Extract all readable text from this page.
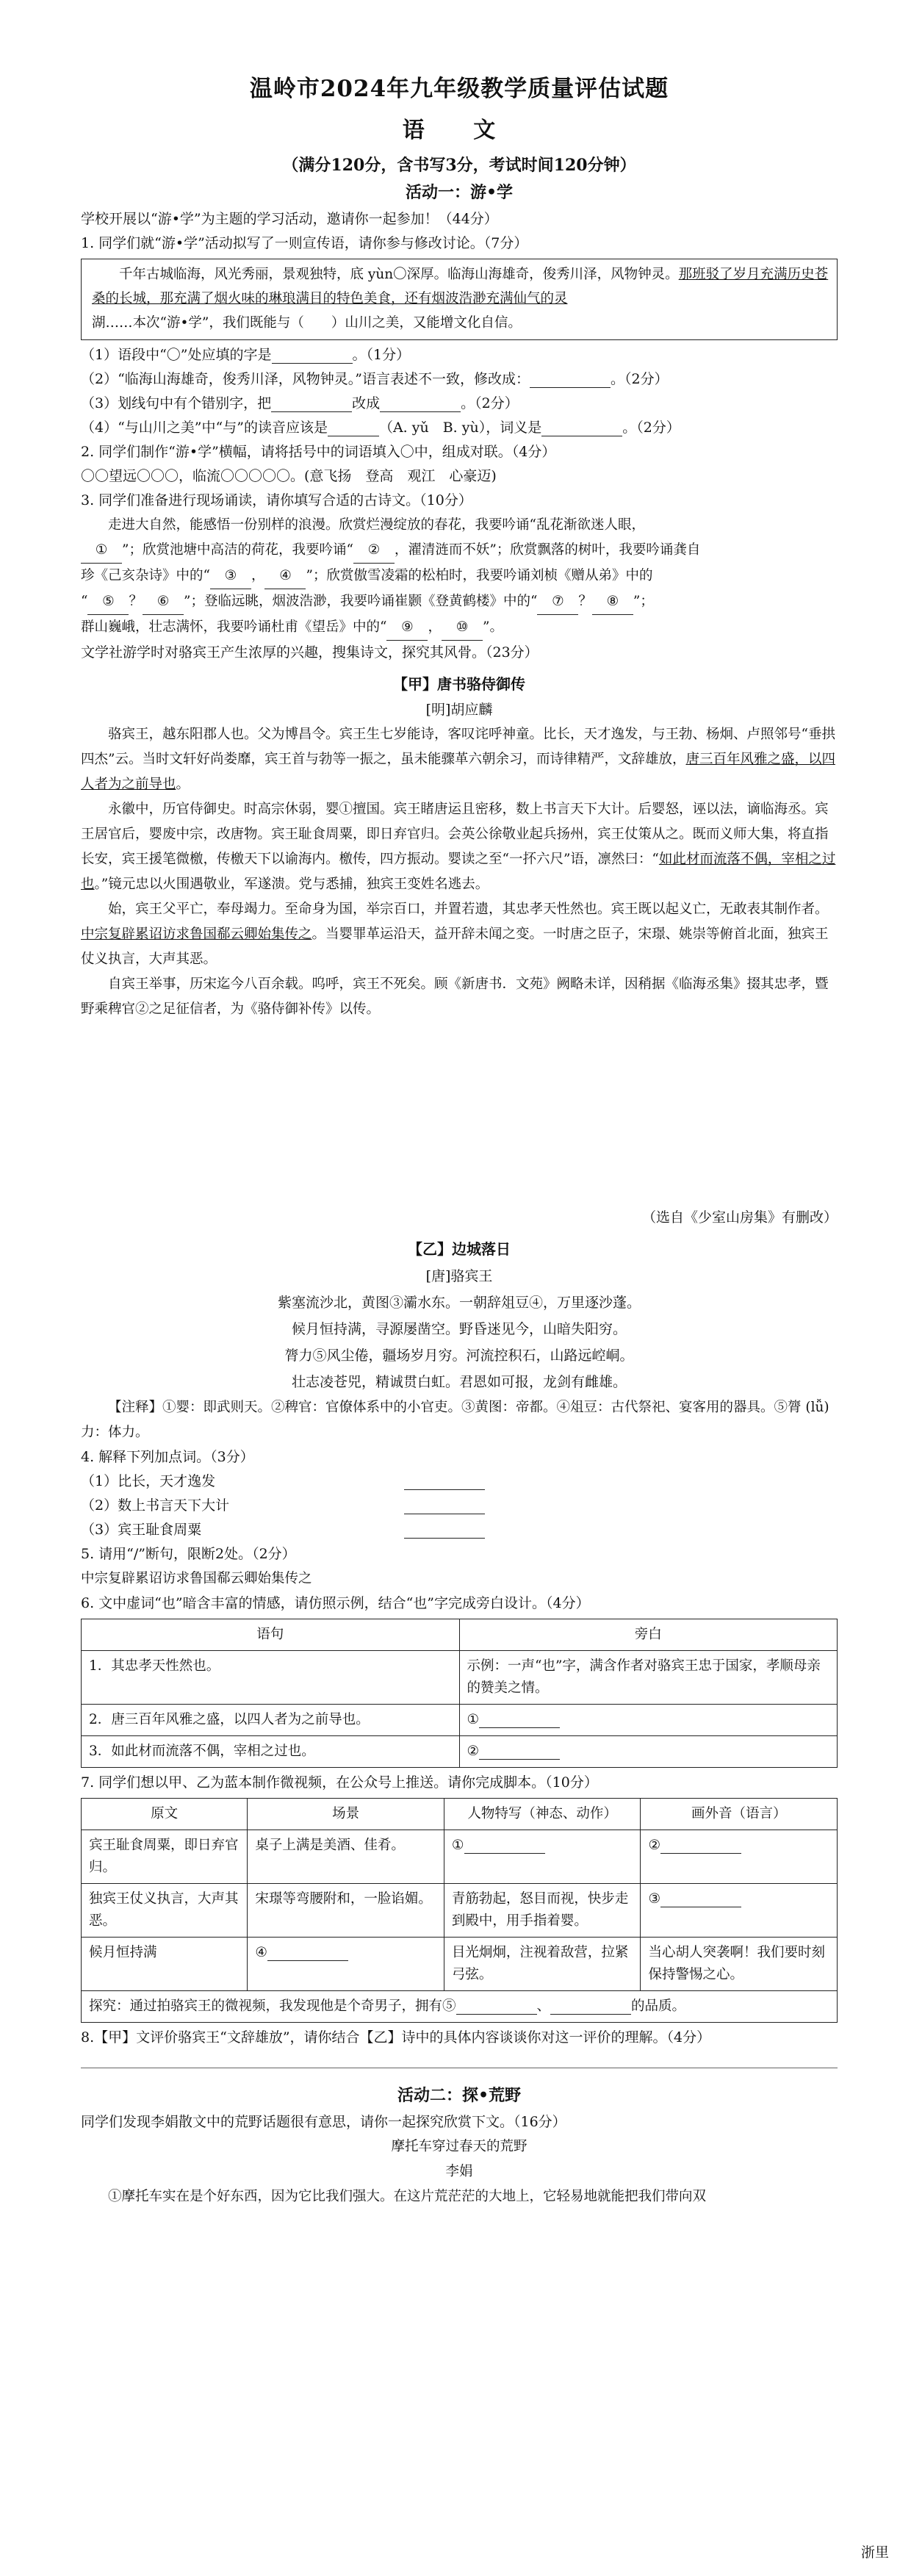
温岭市2024年九年级教学质量评估试题
语 文
（满分120分，含书写3分，考试时间120分钟）
活动一：游•学

学校开展以“游•学”为主题的学习活动，邀请你一起参加！（44分）

1. 同学们就“游•学”活动拟写了一则宣传语，请你参与修改讨论。（7分）

千年古城临海，风光秀丽，景观独特，底 yùn〇深厚。临海山海雄奇，俊秀川泽，风物钟灵。那班驳了岁月充满历史苍桑的长城，那充满了烟火味的琳琅满目的特色美食，还有烟波浩渺充满仙气的灵

湖……本次“游•学”，我们既能与（　　）山川之美，又能增文化自信。

（1）语段中“〇”处应填的字是	。（1分）

（2）“临海山海雄奇，俊秀川泽，风物钟灵。”语言表述不一致，修改成：	。（2分）

（3）划线句中有个错别字，把	改成	。（2分）

（4）“与山川之美”中“与”的读音应该是	（A. yǔ　B. yù），词义是	。（2分）

2. 同学们制作“游•学”横幅，请将括号中的词语填入〇中，组成对联。（4分）

〇〇望远〇〇〇，临流〇〇〇〇〇。(意飞扬　登高　观江　心豪迈)

3. 同学们准备进行现场诵读，请你填写合适的古诗文。（10分）

走进大自然，能感悟一份别样的浪漫。欣赏烂漫绽放的春花，我要吟诵“乱花渐欲迷人眼，

① ”；欣赏池塘中高洁的荷花，我要吟诵“ ② ，濯清涟而不妖”；欣赏飘落的树叶，我要吟诵龚自

珍《己亥杂诗》中的“ ③ ， ④ ”；欣赏傲雪凌霜的松柏时，我要吟诵刘桢《赠从弟》中的

“ ⑤ ？ ⑥ ”；登临远眺，烟波浩渺，我要吟诵崔颢《登黄鹤楼》中的“ ⑦ ？ ⑧ ”；

群山巍峨，壮志满怀，我要吟诵杜甫《望岳》中的“ ⑨ ， ⑩ ”。

文学社游学时对骆宾王产生浓厚的兴趣，搜集诗文，探究其风骨。（23分）

【甲】唐书骆侍御传

[明]胡应麟

骆宾王，越东阳郡人也。父为博昌令。宾王生七岁能诗，客叹诧呼神童。比长，天才逸发，与王勃、杨炯、卢照邻号“垂拱四杰”云。当时文轩好尚娄靡，宾王首与勃等一振之，虽未能骤革六朝余习，而诗律精严，文辞雄放，唐三百年风雅之盛，以四人者为之前导也。

永徽中，历官侍御史。时高宗休弱，婴①擅国。宾王睹唐运且密移，数上书言天下大计。后婴怒，诬以法，谪临海丞。宾王居官后，婴废中宗，改唐物。宾王耻食周粟，即日弃官归。会英公徐敬业起兵扬州，宾王仗策从之。既而义师大集，将直指长安，宾王援笔微檄，传檄天下以谕海内。檄传，四方振动。婴读之至“一抔六尺”语，凛然曰：“如此材而流落不偶，宰相之过也。”镜元忠以火围遇敬业，军遂溃。党与悉捕，独宾王变姓名逃去。

始，宾王父平亡，奉母竭力。至命身为国，举宗百口，并置若遗，其忠孝天性然也。宾王既以起义亡，无敢表其制作者。中宗复辟累诏访求鲁国郗云卿始集传之。当婴罪革运沿天，益开辞未闻之变。一时唐之臣子，宋璟、姚崇等俯首北面，独宾王仗义执言，大声其恶。

自宾王举事，历宋迄今八百余载。呜呼，宾王不死矣。顾《新唐书．文苑》阙略未详，因稍据《临海丞集》掇其忠孝，暨野乘稗官②之足征信者，为《骆侍御补传》以传。

（选自《少室山房集》有删改）

【乙】边城落日

[唐]骆宾王

紫塞流沙北，黄图③灞水东。一朝辞俎豆④，万里逐沙蓬。

候月恒持满，寻源屡凿空。野昏迷见今，山暗失阳穷。

膂力⑤风尘倦，疆场岁月穷。河流控积石，山路远崆峒。

壮志凌苍兕，精诚贯白虹。君恩如可报，龙剑有雌雄。

【注释】①婴：即武则天。②稗官：官僚体系中的小官吏。③黄图：帝都。④俎豆：古代祭祀、宴客用的器具。⑤膂 (lǚ)力：体力。

4. 解释下列加点词。（3分）

（1）比长，天才逸发

（2）数上书言天下大计

（3）宾王耻食周粟

5. 请用“/”断句，限断2处。（2分）

中宗复辟累诏访求鲁国郗云卿始集传之

6. 文中虚词“也”暗含丰富的情感，请仿照示例，结合“也”字完成旁白设计。（4分）

语句	旁白
1．其忠孝天性然也。	示例：一声“也”字，满含作者对骆宾王忠于国家，孝顺母亲的赞美之情。
2．唐三百年风雅之盛，以四人者为之前导也。	①
3．如此材而流落不偶，宰相之过也。	②

7. 同学们想以甲、乙为蓝本制作微视频，在公众号上推送。请你完成脚本。（10分）

原文	场景	人物特写（神态、动作）	画外音（语言）
宾王耻食周粟，即日弃官归。	桌子上满是美酒、佳肴。	①	②
独宾王仗义执言，大声其恶。	宋璟等弯腰附和，一脸谄媚。	青筋勃起，怒目而视，快步走到殿中，用手指着婴。	③
候月恒持满	④	目光炯炯，注视着敌营，拉紧弓弦。	当心胡人突袭啊！我们要时刻保持警惕之心。
探究：通过拍骆宾王的微视频，我发现他是个奇男子，拥有⑤ 、 的品质。			

8.【甲】文评价骆宾王“文辞雄放”，请你结合【乙】诗中的具体内容谈谈你对这一评价的理解。（4分）

活动二：探•荒野

同学们发现李娟散文中的荒野话题很有意思，请你一起探究欣赏下文。（16分）

摩托车穿过春天的荒野

李娟

①摩托车实在是个好东西，因为它比我们强大。在这片荒茫茫的大地上，它轻易地就能把我们带向双

浙里
